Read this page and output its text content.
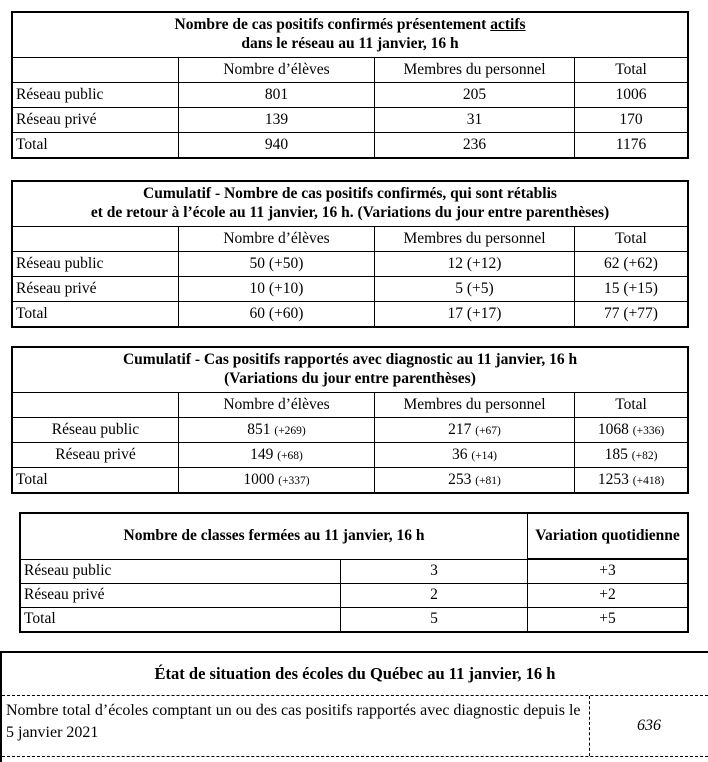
Nombre de cas positifs confirmés présentement actifs
dans le réseau au 11 janvier, 16 h			
	Nombre d’élèves	Membres du personnel	Total
Réseau public	801	205	1006
Réseau privé	139	31	170
Total	940	236	1176
Cumulatif - Nombre de cas positifs confirmés, qui sont rétablis
et de retour à l’école au 11 janvier, 16 h. (Variations du jour entre parenthèses)			
	Nombre d’élèves	Membres du personnel	Total
Réseau public	50 (+50)	12 (+12)	62 (+62)
Réseau privé	10 (+10)	5 (+5)	15 (+15)
Total	60 (+60)	17 (+17)	77 (+77)
Cumulatif - Cas positifs rapportés avec diagnostic au 11 janvier, 16 h
(Variations du jour entre parenthèses)			
	Nombre d’élèves	Membres du personnel	Total
Réseau public	851 (+269)	217 (+67)	1068 (+336)
Réseau privé	149 (+68)	36 (+14)	185 (+82)
Total	1000 (+337)	253 (+81)	1253 (+418)
Nombre de classes fermées au 11 janvier, 16 h		Variation quotidienne
Réseau public	3	+3
Réseau privé	2	+2
Total	5	+5
État de situation des écoles du Québec au 11 janvier, 16 h
Nombre total d’écoles comptant un ou des cas positifs rapportés avec diagnostic depuis le 5 janvier 2021	636
